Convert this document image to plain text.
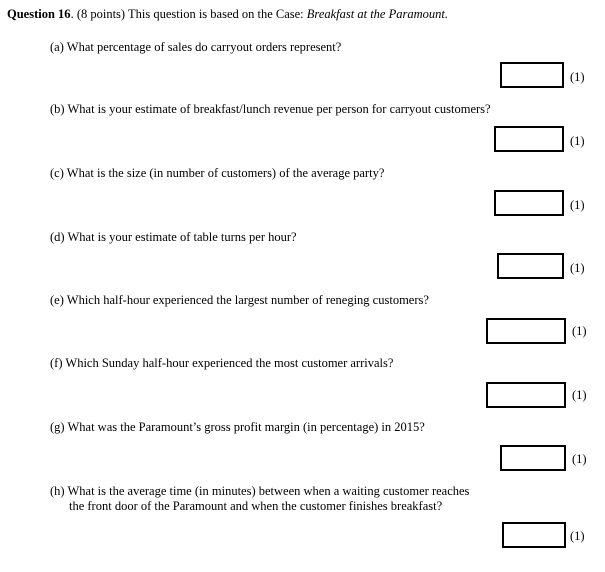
Question 16. (8 points) This question is based on the Case: Breakfast at the Paramount.
(a) What percentage of sales do carryout orders represent?
(1)
(b) What is your estimate of breakfast/lunch revenue per person for carryout customers?
(1)
(c) What is the size (in number of customers) of the average party?
(1)
(d) What is your estimate of table turns per hour?
(1)
(e) Which half-hour experienced the largest number of reneging customers?
(1)
(f) Which Sunday half-hour experienced the most customer arrivals?
(1)
(g) What was the Paramount’s gross profit margin (in percentage) in 2015?
(1)
(h) What is the average time (in minutes) between when a waiting customer reaches
the front door of the Paramount and when the customer finishes breakfast?
(1)
